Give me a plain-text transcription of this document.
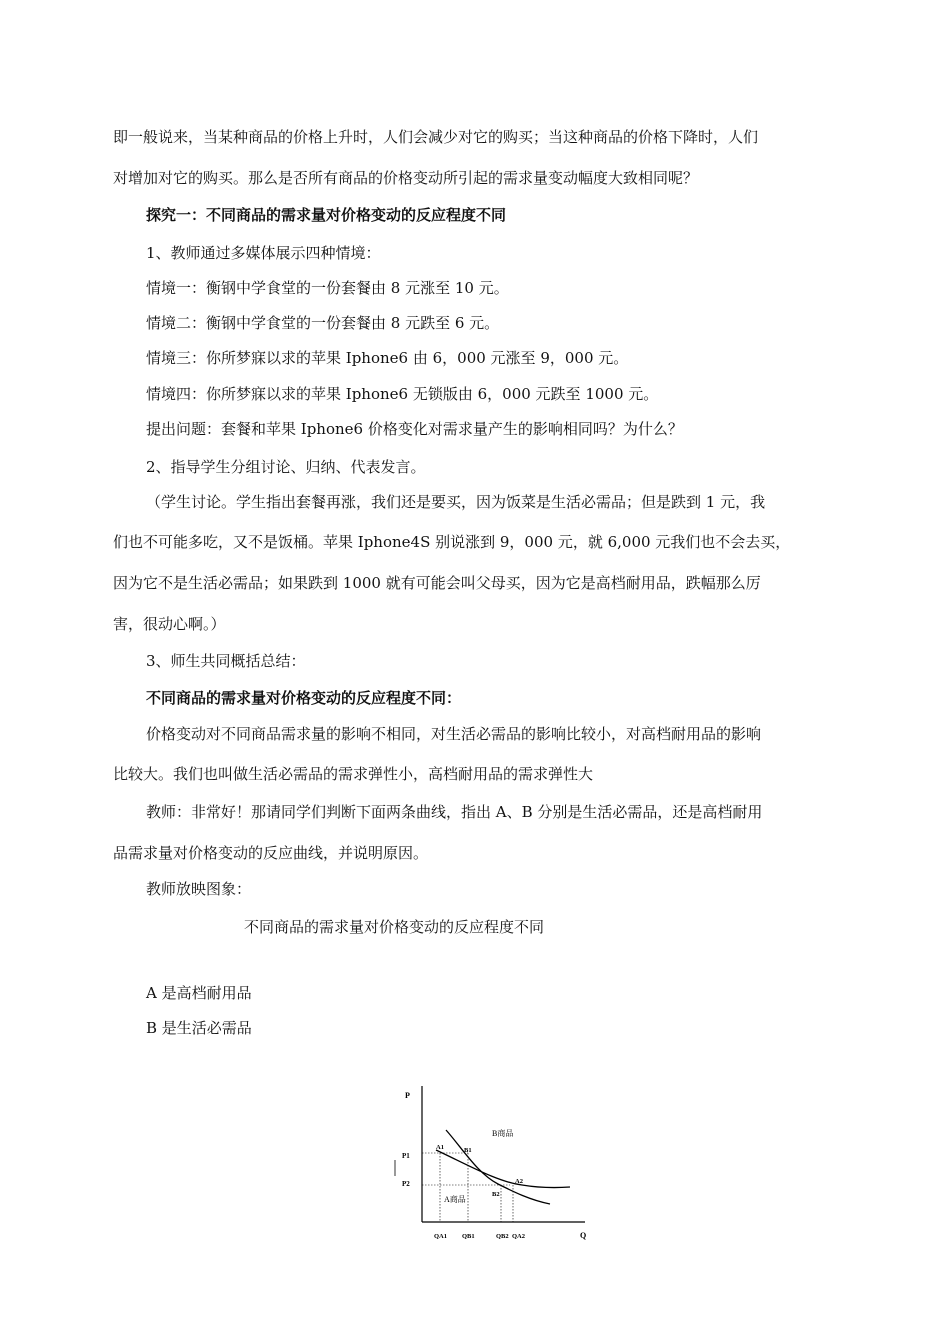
即一般说来，当某种商品的价格上升时，人们会减少对它的购买；当这种商品的价格下降时，人们
对增加对它的购买。那么是否所有商品的价格变动所引起的需求量变动幅度大致相同呢？
探究一：不同商品的需求量对价格变动的反应程度不同
1、教师通过多媒体展示四种情境：
情境一：衡钢中学食堂的一份套餐由 8 元涨至 10 元。
情境二：衡钢中学食堂的一份套餐由 8 元跌至 6 元。
情境三：你所梦寐以求的苹果 Iphone6 由 6，000 元涨至 9，000 元。
情境四：你所梦寐以求的苹果 Iphone6 无锁版由 6，000 元跌至 1000 元。
提出问题：套餐和苹果 Iphone6 价格变化对需求量产生的影响相同吗？为什么？
2、指导学生分组讨论、归纳、代表发言。
（学生讨论。学生指出套餐再涨，我们还是要买，因为饭菜是生活必需品；但是跌到 1 元，我
们也不可能多吃，又不是饭桶。苹果 Iphone4S 别说涨到 9，000 元，就 6,000 元我们也不会去买，
因为它不是生活必需品；如果跌到 1000 就有可能会叫父母买，因为它是高档耐用品，跌幅那么厉
害，很动心啊。）
3、师生共同概括总结：
不同商品的需求量对价格变动的反应程度不同：
价格变动对不同商品需求量的影响不相同，对生活必需品的影响比较小，对高档耐用品的影响
比较大。我们也叫做生活必需品的需求弹性小，高档耐用品的需求弹性大
教师：非常好！那请同学们判断下面两条曲线，指出 A、B 分别是生活必需品，还是高档耐用
品需求量对价格变动的反应曲线，并说明原因。
教师放映图象：
不同商品的需求量对价格变动的反应程度不同
A 是高档耐用品
B 是生活必需品
P
Q
P1
P2
A1	B1
A2
B2
B商品
A商品
QA1 QB1	QB2 QA2
